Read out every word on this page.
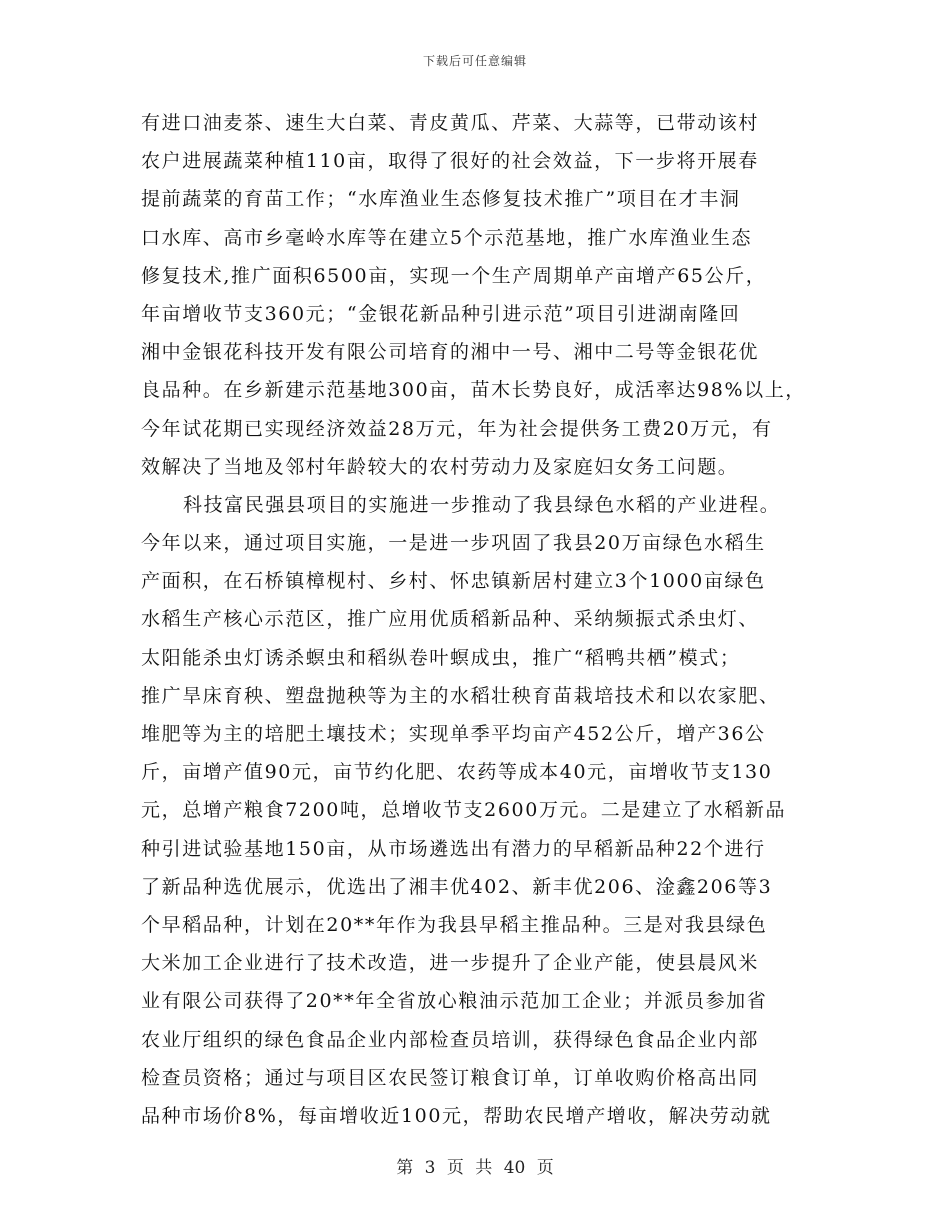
下载后可任意编辑
有进口油麦茶、速生大白菜、青皮黄瓜、芹菜、大蒜等，已带动该村
农户进展蔬菜种植110亩，取得了很好的社会效益，下一步将开展春
提前蔬菜的育苗工作；“水库渔业生态修复技术推广”项目在才丰洞
口水库、高市乡毫岭水库等在建立5个示范基地，推广水库渔业生态
修复技术,推广面积6500亩，实现一个生产周期单产亩增产65公斤，
年亩增收节支360元；“金银花新品种引进示范”项目引进湖南隆回
湘中金银花科技开发有限公司培育的湘中一号、湘中二号等金银花优
良品种。在乡新建示范基地300亩，苗木长势良好，成活率达98%以上，
今年试花期已实现经济效益28万元，年为社会提供务工费20万元，有
效解决了当地及邻村年龄较大的农村劳动力及家庭妇女务工问题。
科技富民强县项目的实施进一步推动了我县绿色水稻的产业进程。
今年以来，通过项目实施，一是进一步巩固了我县20万亩绿色水稻生
产面积，在石桥镇樟枧村、乡村、怀忠镇新居村建立3个1000亩绿色
水稻生产核心示范区，推广应用优质稻新品种、采纳频振式杀虫灯、
太阳能杀虫灯诱杀螟虫和稻纵卷叶螟成虫，推广“稻鸭共栖”模式；
推广旱床育秧、塑盘抛秧等为主的水稻壮秧育苗栽培技术和以农家肥、
堆肥等为主的培肥土壤技术；实现单季平均亩产452公斤，增产36公
斤，亩增产值90元，亩节约化肥、农药等成本40元，亩增收节支130
元，总增产粮食7200吨，总增收节支2600万元。二是建立了水稻新品
种引进试验基地150亩，从市场遴选出有潜力的早稻新品种22个进行
了新品种选优展示，优选出了湘丰优402、新丰优206、淦鑫206等3
个早稻品种，计划在20**年作为我县早稻主推品种。三是对我县绿色
大米加工企业进行了技术改造，进一步提升了企业产能，使县晨风米
业有限公司获得了20**年全省放心粮油示范加工企业；并派员参加省
农业厅组织的绿色食品企业内部检查员培训，获得绿色食品企业内部
检查员资格；通过与项目区农民签订粮食订单，订单收购价格高出同
品种市场价8%，每亩增收近100元，帮助农民增产增收，解决劳动就
第 3 页 共 40 页
